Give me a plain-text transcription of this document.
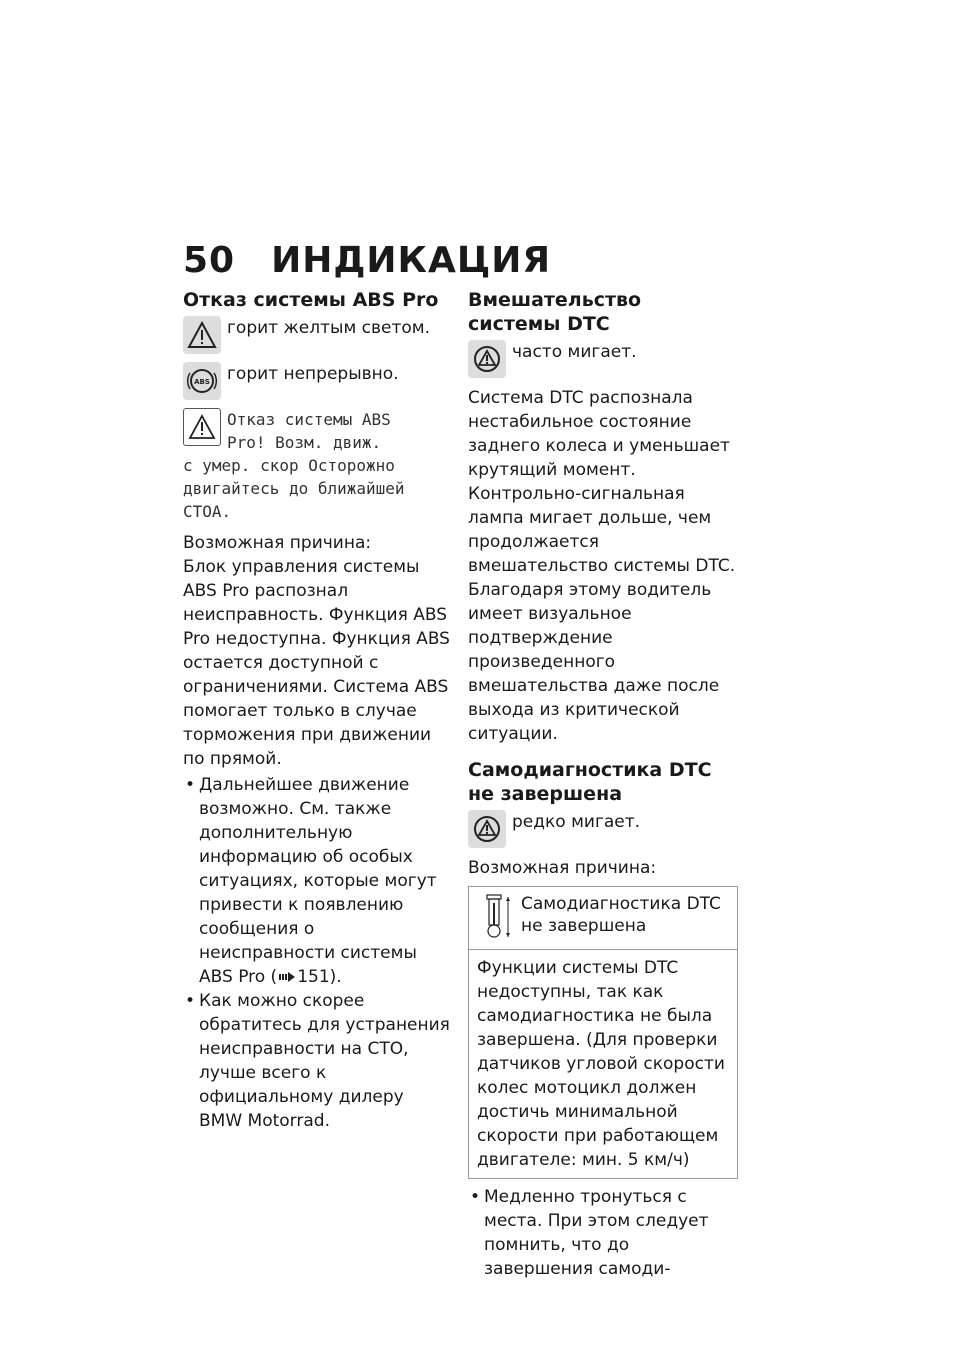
50 ИНДИКАЦИЯ
Отказ системы ABS Pro
горит желтым светом.
ABS горит непрерывно.
Отказ системы ABS
Pro! Возм. движ.
с умер. скор Осторожно двигайтесь до ближайшей СТОА.

Возможная причина:

Блок управления системы ABS Pro распознал неисправность. Функция ABS Pro недоступна. Функция ABS остается доступной с ограничениями. Система ABS помогает только в случае торможения при движении по прямой.

• Дальнейшее движение возможно. См. также дополнительную информацию об особых ситуациях, которые могут привести к появлению сообщения о неисправности системы ABS Pro ( 151).
• Как можно скорее обратитесь для устранения неисправности на СТО, лучше всего к официальному дилеру BMW Motorrad.
Вмешательство системы DTC
часто мигает.

Система DTC распознала нестабильное состояние заднего колеса и уменьшает крутящий момент. Контрольно-сигнальная лампа мигает дольше, чем продолжается вмешательство системы DTC. Благодаря этому водитель имеет визуальное подтверждение произведенного вмешательства даже после выхода из критической ситуации.

Самодиагностика DTC не завершена
редко мигает.

Возможная причина:

Самодиагностика DTC не завершена
Функции системы DTC недоступны, так как самодиагностика не была завершена. (Для проверки датчиков угловой скорости колес мотоцикл должен достичь минимальной скорости при работающем двигателе: мин. 5 км/ч)
• Медленно тронуться с места. При этом следует помнить, что до завершения самоди-
